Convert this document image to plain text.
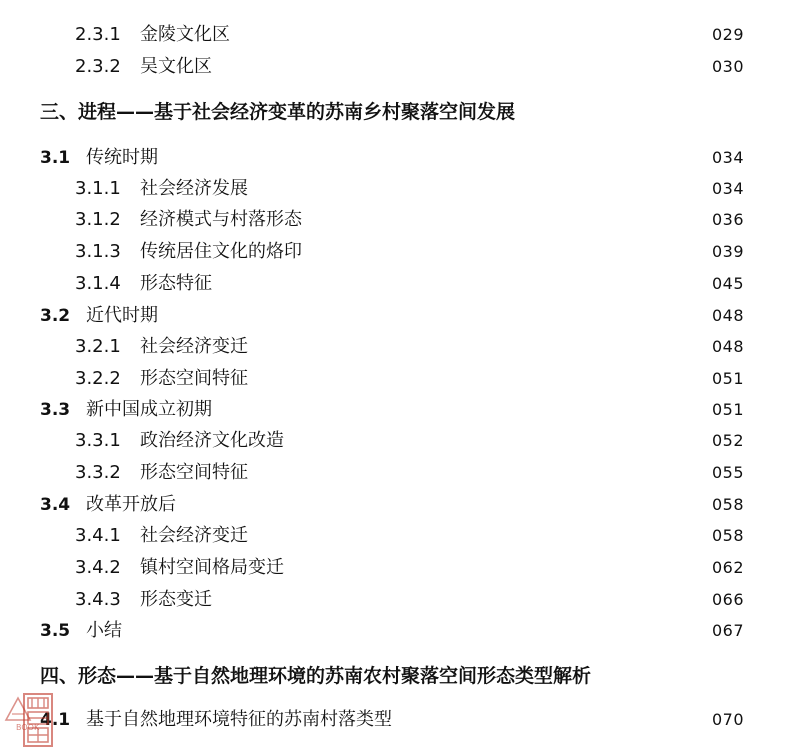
2.3.1 金陵文化区	029
2.3.2 吴文化区	030
三、进程——基于社会经济变革的苏南乡村聚落空间发展
3.1 传统时期	034
3.1.1 社会经济发展	034
3.1.2 经济模式与村落形态	036
3.1.3 传统居住文化的烙印	039
3.1.4 形态特征	045
3.2 近代时期	048
3.2.1 社会经济变迁	048
3.2.2 形态空间特征	051
3.3 新中国成立初期	051
3.3.1 政治经济文化改造	052
3.3.2 形态空间特征	055
3.4 改革开放后	058
3.4.1 社会经济变迁	058
3.4.2 镇村空间格局变迁	062
3.4.3 形态变迁	066
3.5 小结	067
四、形态——基于自然地理环境的苏南农村聚落空间形态类型解析
4.1 基于自然地理环境特征的苏南村落类型	070
BOOK
